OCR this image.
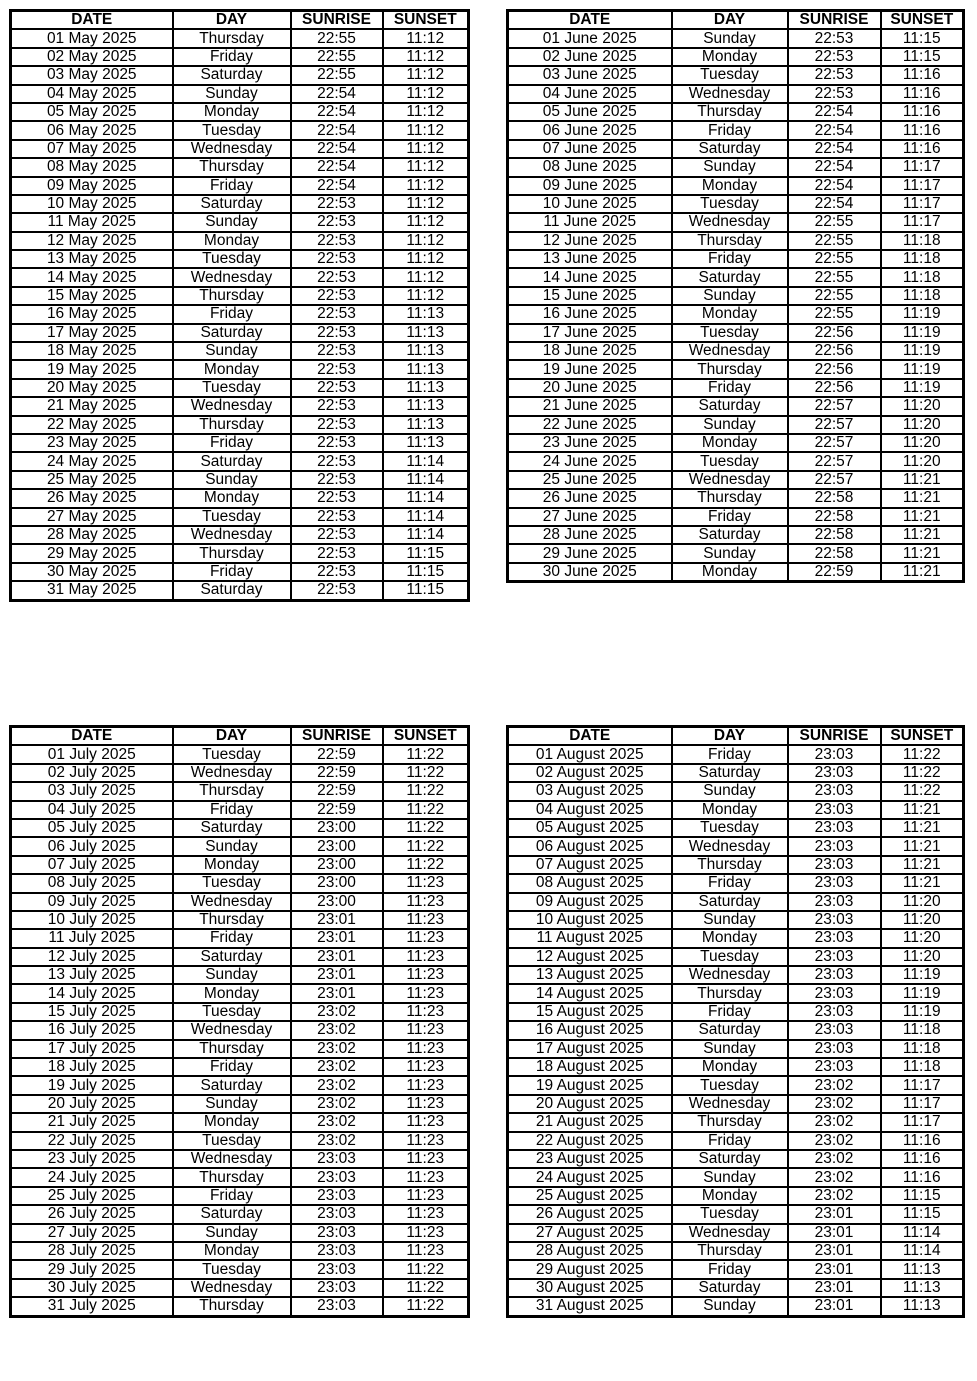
DATE	DAY	SUNRISE	SUNSET
01 May 2025	Thursday	22:55	11:12
02 May 2025	Friday	22:55	11:12
03 May 2025	Saturday	22:55	11:12
04 May 2025	Sunday	22:54	11:12
05 May 2025	Monday	22:54	11:12
06 May 2025	Tuesday	22:54	11:12
07 May 2025	Wednesday	22:54	11:12
08 May 2025	Thursday	22:54	11:12
09 May 2025	Friday	22:54	11:12
10 May 2025	Saturday	22:53	11:12
11 May 2025	Sunday	22:53	11:12
12 May 2025	Monday	22:53	11:12
13 May 2025	Tuesday	22:53	11:12
14 May 2025	Wednesday	22:53	11:12
15 May 2025	Thursday	22:53	11:12
16 May 2025	Friday	22:53	11:13
17 May 2025	Saturday	22:53	11:13
18 May 2025	Sunday	22:53	11:13
19 May 2025	Monday	22:53	11:13
20 May 2025	Tuesday	22:53	11:13
21 May 2025	Wednesday	22:53	11:13
22 May 2025	Thursday	22:53	11:13
23 May 2025	Friday	22:53	11:13
24 May 2025	Saturday	22:53	11:14
25 May 2025	Sunday	22:53	11:14
26 May 2025	Monday	22:53	11:14
27 May 2025	Tuesday	22:53	11:14
28 May 2025	Wednesday	22:53	11:14
29 May 2025	Thursday	22:53	11:15
30 May 2025	Friday	22:53	11:15
31 May 2025	Saturday	22:53	11:15
DATE	DAY	SUNRISE	SUNSET
01 June 2025	Sunday	22:53	11:15
02 June 2025	Monday	22:53	11:15
03 June 2025	Tuesday	22:53	11:16
04 June 2025	Wednesday	22:53	11:16
05 June 2025	Thursday	22:54	11:16
06 June 2025	Friday	22:54	11:16
07 June 2025	Saturday	22:54	11:16
08 June 2025	Sunday	22:54	11:17
09 June 2025	Monday	22:54	11:17
10 June 2025	Tuesday	22:54	11:17
11 June 2025	Wednesday	22:55	11:17
12 June 2025	Thursday	22:55	11:18
13 June 2025	Friday	22:55	11:18
14 June 2025	Saturday	22:55	11:18
15 June 2025	Sunday	22:55	11:18
16 June 2025	Monday	22:55	11:19
17 June 2025	Tuesday	22:56	11:19
18 June 2025	Wednesday	22:56	11:19
19 June 2025	Thursday	22:56	11:19
20 June 2025	Friday	22:56	11:19
21 June 2025	Saturday	22:57	11:20
22 June 2025	Sunday	22:57	11:20
23 June 2025	Monday	22:57	11:20
24 June 2025	Tuesday	22:57	11:20
25 June 2025	Wednesday	22:57	11:21
26 June 2025	Thursday	22:58	11:21
27 June 2025	Friday	22:58	11:21
28 June 2025	Saturday	22:58	11:21
29 June 2025	Sunday	22:58	11:21
30 June 2025	Monday	22:59	11:21
DATE	DAY	SUNRISE	SUNSET
01 July 2025	Tuesday	22:59	11:22
02 July 2025	Wednesday	22:59	11:22
03 July 2025	Thursday	22:59	11:22
04 July 2025	Friday	22:59	11:22
05 July 2025	Saturday	23:00	11:22
06 July 2025	Sunday	23:00	11:22
07 July 2025	Monday	23:00	11:22
08 July 2025	Tuesday	23:00	11:23
09 July 2025	Wednesday	23:00	11:23
10 July 2025	Thursday	23:01	11:23
11 July 2025	Friday	23:01	11:23
12 July 2025	Saturday	23:01	11:23
13 July 2025	Sunday	23:01	11:23
14 July 2025	Monday	23:01	11:23
15 July 2025	Tuesday	23:02	11:23
16 July 2025	Wednesday	23:02	11:23
17 July 2025	Thursday	23:02	11:23
18 July 2025	Friday	23:02	11:23
19 July 2025	Saturday	23:02	11:23
20 July 2025	Sunday	23:02	11:23
21 July 2025	Monday	23:02	11:23
22 July 2025	Tuesday	23:02	11:23
23 July 2025	Wednesday	23:03	11:23
24 July 2025	Thursday	23:03	11:23
25 July 2025	Friday	23:03	11:23
26 July 2025	Saturday	23:03	11:23
27 July 2025	Sunday	23:03	11:23
28 July 2025	Monday	23:03	11:23
29 July 2025	Tuesday	23:03	11:22
30 July 2025	Wednesday	23:03	11:22
31 July 2025	Thursday	23:03	11:22
DATE	DAY	SUNRISE	SUNSET
01 August 2025	Friday	23:03	11:22
02 August 2025	Saturday	23:03	11:22
03 August 2025	Sunday	23:03	11:22
04 August 2025	Monday	23:03	11:21
05 August 2025	Tuesday	23:03	11:21
06 August 2025	Wednesday	23:03	11:21
07 August 2025	Thursday	23:03	11:21
08 August 2025	Friday	23:03	11:21
09 August 2025	Saturday	23:03	11:20
10 August 2025	Sunday	23:03	11:20
11 August 2025	Monday	23:03	11:20
12 August 2025	Tuesday	23:03	11:20
13 August 2025	Wednesday	23:03	11:19
14 August 2025	Thursday	23:03	11:19
15 August 2025	Friday	23:03	11:19
16 August 2025	Saturday	23:03	11:18
17 August 2025	Sunday	23:03	11:18
18 August 2025	Monday	23:03	11:18
19 August 2025	Tuesday	23:02	11:17
20 August 2025	Wednesday	23:02	11:17
21 August 2025	Thursday	23:02	11:17
22 August 2025	Friday	23:02	11:16
23 August 2025	Saturday	23:02	11:16
24 August 2025	Sunday	23:02	11:16
25 August 2025	Monday	23:02	11:15
26 August 2025	Tuesday	23:01	11:15
27 August 2025	Wednesday	23:01	11:14
28 August 2025	Thursday	23:01	11:14
29 August 2025	Friday	23:01	11:13
30 August 2025	Saturday	23:01	11:13
31 August 2025	Sunday	23:01	11:13
